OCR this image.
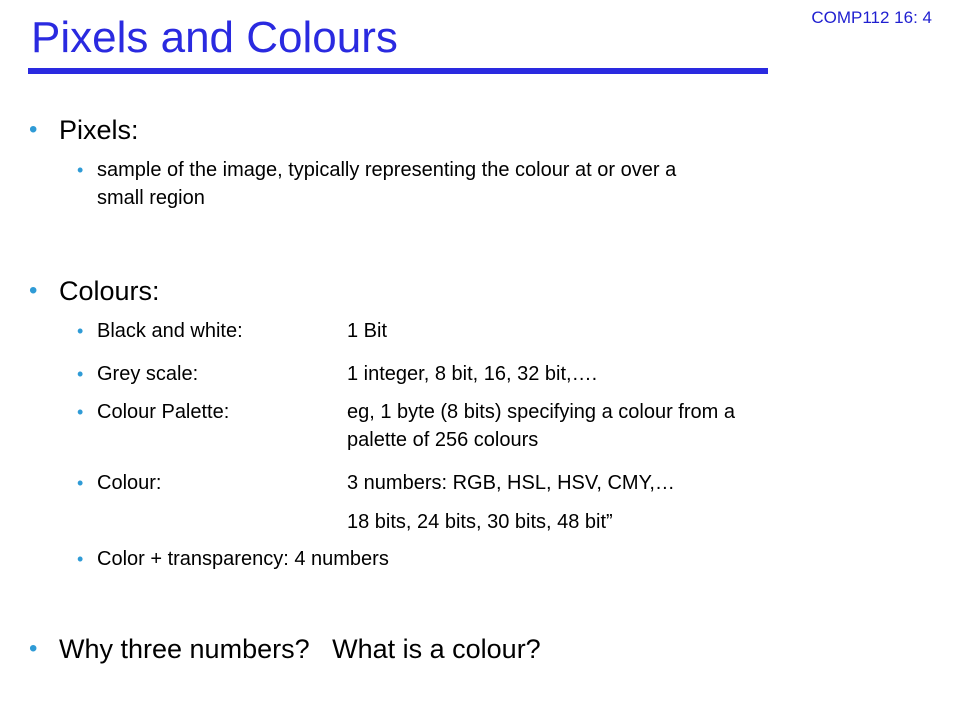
COMP112 16: 4
Pixels and Colours
• Pixels:
• sample of the image, typically representing the colour at or over a
small region
• Colours:
• Black and white:	1 Bit
• Grey scale:	1 integer, 8 bit, 16, 32 bit,….
• Colour Palette:	eg, 1 byte (8 bits) specifying a colour from a
palette of 256 colours
• Colour:	3 numbers: RGB, HSL, HSV, CMY,…
18 bits, 24 bits, 30 bits, 48 bit”
• Color + transparency: 4 numbers
• Why three numbers?   What is a colour?
